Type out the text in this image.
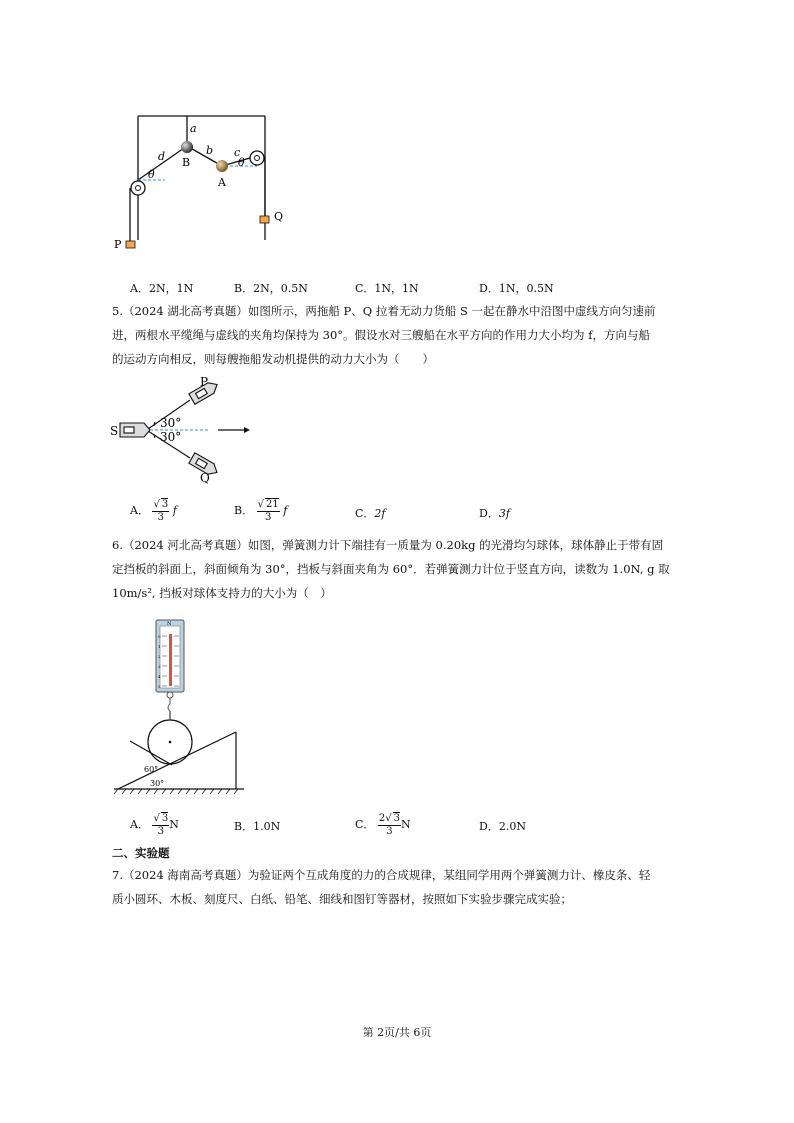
a
d	b c
B
A
θ
θ
P
Q
A．2N，1N	B．2N，0.5N	C．1N，1N	D．1N，0.5N
5.（2024 湖北高考真题）如图所示，两拖船 P、Q 拉着无动力货船 S 一起在静水中沿图中虚线方向匀速前
进，两根水平缆绳与虚线的夹角均保持为 30°。假设水对三艘船在水平方向的作用力大小均为 f，方向与船
的运动方向相反，则每艘拖船发动机提供的动力大小为（　　）
30°
30°
S
P
Q
A． $\frac{√ 3}{3}$ f	B． $\frac{√ 21}{3}$ f	C．2f	D．3f
6.（2024 河北高考真题）如图，弹簧测力计下端挂有一质量为 0.20kg 的光滑均匀球体，球体静止于带有固
定挡板的斜面上，斜面倾角为 30°，挡板与斜面夹角为 60°．若弹簧测力计位于竖直方向，读数为 1.0N, g 取
10m/s², 挡板对球体支持力的大小为（　）
N
0
1
2
3
4
5
60°
30°
A． $\frac{√ 3}{3}$ N	B．1.0N	C． $\frac{2√ 3}{3}$ N	D．2.0N
二、实验题
7.（2024 海南高考真题）为验证两个互成角度的力的合成规律，某组同学用两个弹簧测力计、橡皮条、轻
质小圆环、木板、刻度尺、白纸、铅笔、细线和图钉等器材，按照如下实验步骤完成实验；
第 2页/共 6页
